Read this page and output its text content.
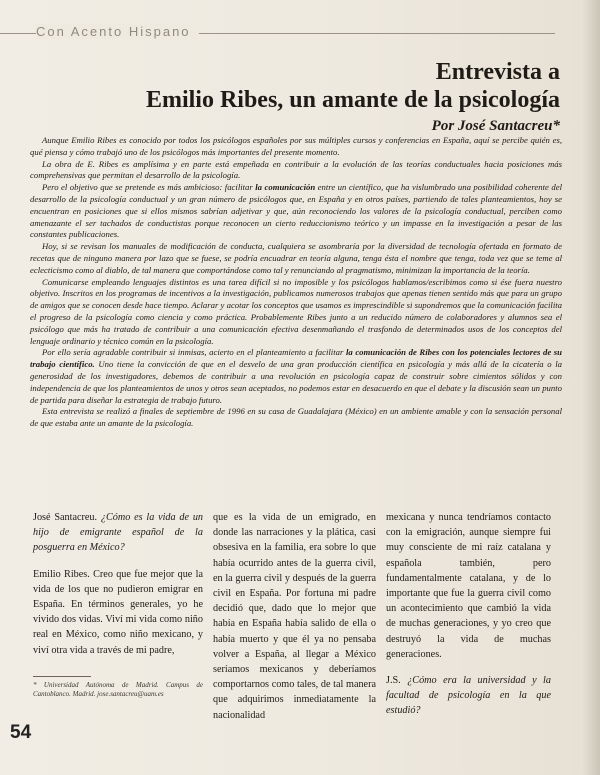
Con Acento Hispano
Entrevista a
Emilio Ribes, un amante de la psicología
Por José Santacreu*

Aunque Emilio Ribes es conocido por todos los psicólogos españoles por sus múltiples cursos y conferencias en España, aquí se percibe quién es, qué piensa y cómo trabajó uno de los psicólogos más importantes del presente momento.

La obra de E. Ribes es amplísima y en parte está empeñada en contribuir a la evolución de las teorías conductuales hacia posiciones más comprehensivas que permitan el desarrollo de la psicología.

Pero el objetivo que se pretende es más ambicioso: facilitar la comunicación entre un científico, que ha vislumbrado una posibilidad coherente del desarrollo de la psicología conductual y un gran número de psicólogos que, en España y en otros países, partiendo de tales planteamientos, hoy se encuentran en posiciones que si ellos mismos sabrían adjetivar y que, aún reconociendo los valores de la psicología conductual, perciben como amenazante el ser tachados de conductistas porque reconocen un cierto reduccionismo teórico y un impasse en la investigación a pesar de las constantes publicaciones.

Hoy, si se revisan los manuales de modificación de conducta, cualquiera se asombraría por la diversidad de tecnología ofertada en formato de recetas que de ninguno manera por lazo que se fuese, se podría encuadrar en teoría alguna, tenga ésta el nombre que tenga, toda vez que se teme al eclecticismo como al diablo, de tal manera que comportándose como tal y renunciando al pragmatismo, minimizan la importancia de la teoría.

Comunicarse empleando lenguajes distintos es una tarea difícil si no imposible y los psicólogos hablamos/escribimos como si ése fuera nuestro objetivo. Inscritos en los programas de incentivos a la investigación, publicamos numerosos trabajos que apenas tienen sentido más que para un grupo de amigos que se conocen desde hace tiempo. Aclarar y acotar los conceptos que usamos es imprescindible si supondremos que la comunicación facilita el progreso de la psicología como ciencia y como práctica. Probablemente Ribes junto a un reducido número de colaboradores y alumnos sea el psicólogo que más ha tratado de contribuir a una comunicación efectiva desenmañando el trasfondo de determinados usos de los conceptos del lenguaje ordinario y técnico común en la psicología.

Por ello sería agradable contribuir si inmisas, acierto en el planteamiento a facilitar la comunicación de Ribes con los potenciales lectores de su trabajo científico. Uno tiene la convicción de que en el desvelo de una gran producción científica en psicología y más allá de la cicatería o la generosidad de los investigadores, debemos de contribuir a una revolución en psicología capaz de construir sobre cimientos sólidos y con independencia de que los planteamientos de unos y otros sean aceptados, no podemos estar en desacuerdo en que el debate y la discusión sean un punto de partida para diseñar la estrategia de trabajo futuro.

Esta entrevista se realizó a finales de septiembre de 1996 en su casa de Guadalajara (México) en un ambiente amable y con la sensación personal de que estaba ante un amante de la psicología.

José Santacreu. ¿Cómo es la vida de un hijo de emigrante español de la posguerra en México?

Emilio Ribes. Creo que fue mejor que la vida de los que no pudieron emigrar en España. En términos generales, yo he vivido dos vidas. Viví mi vida como niño real en México, como niño mexicano, y viví otra vida a través de mi padre,

* Universidad Autónoma de Madrid. Campus de Cantoblanco. Madrid. jose.santacreu@uam.es

que es la vida de un emigrado, en donde las narraciones y la plática, casi obsesiva en la familia, era sobre lo que había ocurrido antes de la guerra civil, en la guerra civil y después de la guerra civil en España. Por fortuna mi padre decidió que, dado que lo mejor que había en España había salido de ella o había muerto y que él ya no pensaba volver a España, al llegar a México seríamos mexicanos y deberíamos comportarnos como tales, de tal manera que adquirimos inmediatamente la nacionalidad

mexicana y nunca tendríamos contacto con la emigración, aunque siempre fui muy consciente de mi raíz catalana y española también, pero fundamentalmente catalana, y de lo importante que fue la guerra civil como un acontecimiento que cambió la vida de muchas generaciones, y yo creo que destruyó la vida de muchas generaciones.

J.S. ¿Cómo era la universidad y la facultad de psicología en la que estudió?

54
